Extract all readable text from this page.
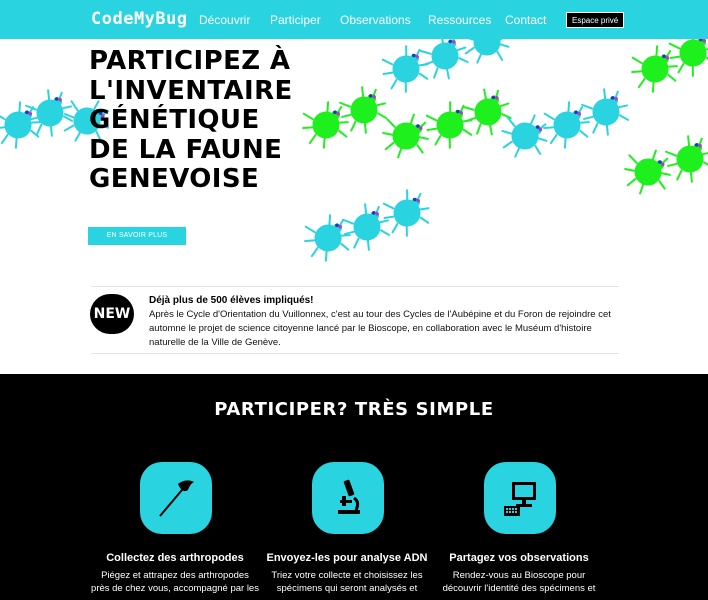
CodeMyBug Découvrir Participer Observations Ressources Contact	Espace privé
PARTICIPEZ À
L'INVENTAIRE
GÉNÉTIQUE
DE LA FAUNE
GENEVOISE
EN SAVOIR PLUS
NEW
Déjà plus de 500 élèves impliqués!
Après le Cycle d'Orientation du Vuillonnex, c'est au tour des Cycles de l'Aubépine et du Foron de rejoindre cet
automne le projet de science citoyenne lancé par le Bioscope, en collaboration avec le Muséum d'histoire
naturelle de la Ville de Genève.
PARTICIPER? TRÈS SIMPLE
Collectez des arthropodes
Piégez et attrapez des arthropodes
près de chez vous, accompagné par les
Envoyez-les pour analyse ADN
Triez votre collecte et choisissez les
spécimens qui seront analysés et
Partagez vos observations
Rendez-vous au Bioscope pour
découvrir l'identité des spécimens et
